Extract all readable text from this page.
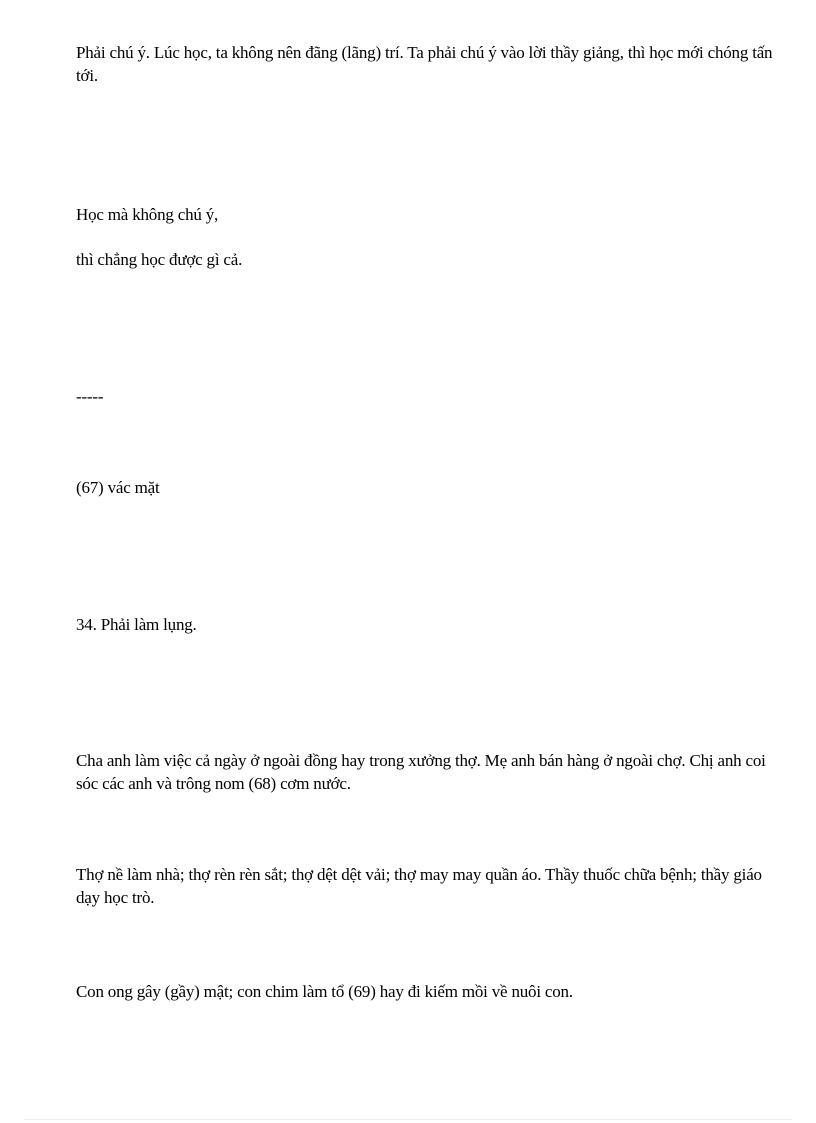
Phải chú ý. Lúc học, ta không nên đãng (lãng) trí. Ta phải chú ý vào lời thầy giảng, thì học mới chóng tấn tới.

Học mà không chú ý,

thì chẳng học được gì cả.

-----

(67) vác mặt

34. Phải làm lụng.

Cha anh làm việc cả ngày ở ngoài đồng hay trong xưởng thợ. Mẹ anh bán hàng ở ngoài chợ. Chị anh coi sóc các anh và trông nom (68) cơm nước.

Thợ nề làm nhà; thợ rèn rèn sắt; thợ dệt dệt vải; thợ may may quần áo. Thầy thuốc chữa bệnh; thầy giáo dạy học trò.

Con ong gây (gầy) mật; con chim làm tổ (69) hay đi kiếm mồi về nuôi con.
